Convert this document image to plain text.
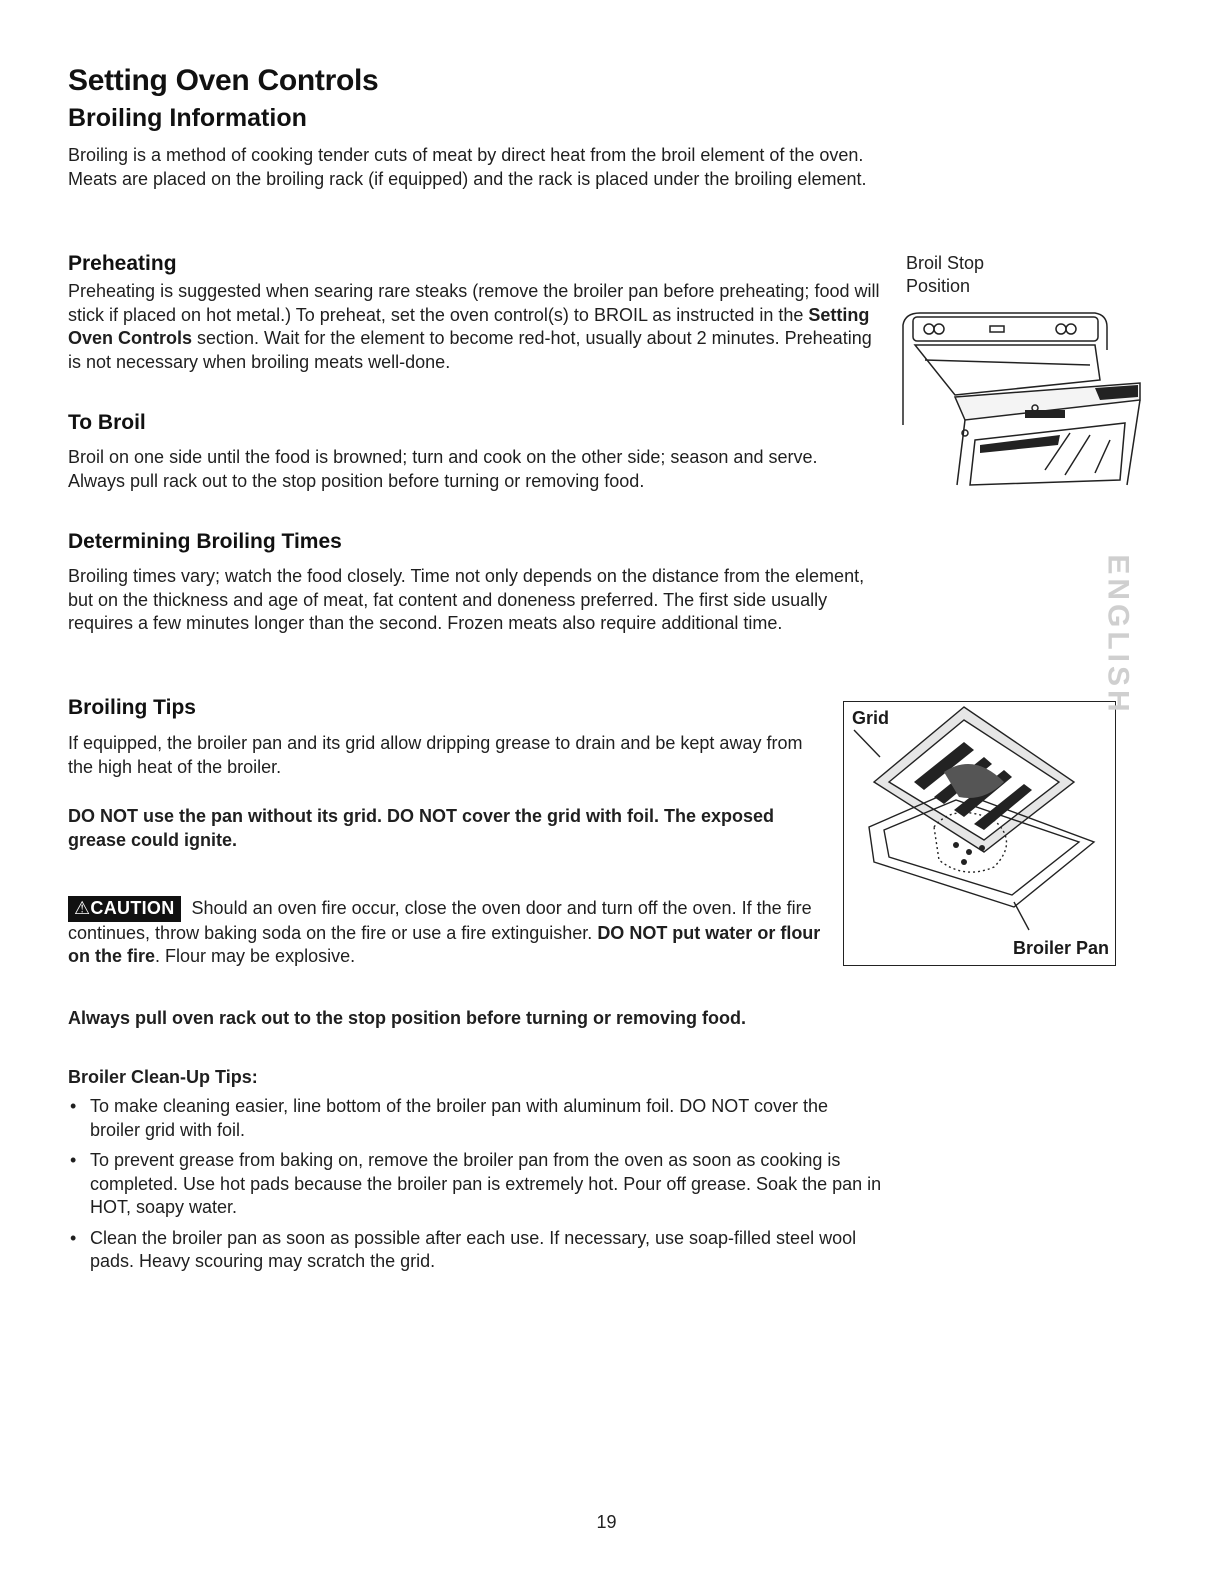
Setting Oven Controls
Broiling Information

Broiling is a method of cooking tender cuts of meat by direct heat from the broil element of the oven. Meats are placed on the broiling rack (if equipped) and the rack is placed under the broiling element.

Preheating

Preheating is suggested when searing rare steaks (remove the broiler pan before preheating; food will stick if placed on hot metal.) To preheat, set the oven control(s) to BROIL as instructed in the Setting Oven Controls section. Wait for the element to become red-hot, usually about 2 minutes. Preheating is not necessary when broiling meats well-done.

To Broil

Broil on one side until the food is browned; turn and cook on the other side; season and serve. Always pull rack out to the stop position before turning or removing food.

Determining Broiling Times

Broiling times vary; watch the food closely. Time not only depends on the distance from the element, but on the thickness and age of meat, fat content and doneness preferred. The first side usually requires a few minutes longer than the second. Frozen meats also require additional time.

Broiling Tips

If equipped, the broiler pan and its grid allow dripping grease to drain and be kept away from the high heat of the broiler.

DO NOT use the pan without its grid. DO NOT cover the grid with foil. The exposed grease could ignite.

⚠CAUTION Should an oven fire occur, close the oven door and turn off the oven. If the fire continues, throw baking soda on the fire or use a fire extinguisher. DO NOT put water or flour on the fire. Flour may be explosive.

Always pull oven rack out to the stop position before turning or removing food.

Broiler Clean-Up Tips:

• To make cleaning easier, line bottom of the broiler pan with aluminum foil. DO NOT cover the broiler grid with foil.
• To prevent grease from baking on, remove the broiler pan from the oven as soon as cooking is completed. Use hot pads because the broiler pan is extremely hot. Pour off grease. Soak the pan in HOT, soapy water.
• Clean the broiler pan as soon as possible after each use. If necessary, use soap-filled steel wool pads. Heavy scouring may scratch the grid.
Broil Stop
Position
Grid
Broiler Pan
ENGLISH
19
